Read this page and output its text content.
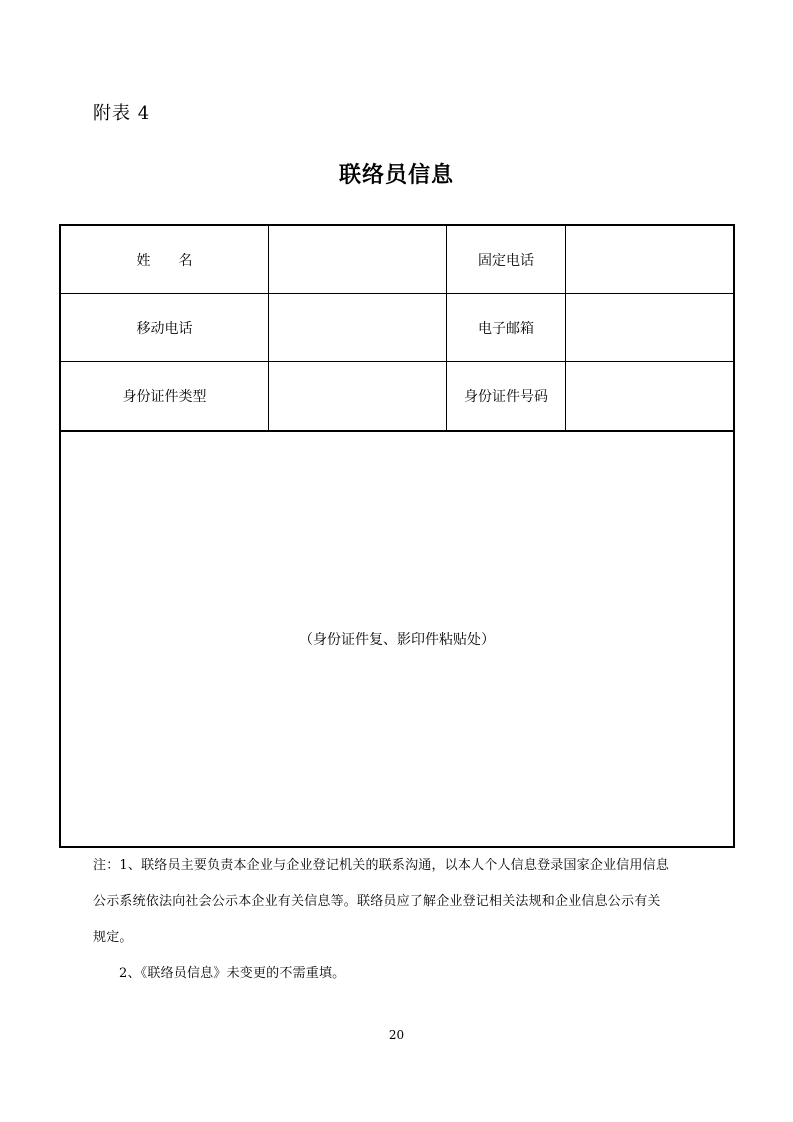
附表 4
联络员信息
姓 名	固定电话
移动电话	电子邮箱
身份证件类型	身份证件号码
（身份证件复、影印件粘贴处）
注：1、联络员主要负责本企业与企业登记机关的联系沟通，以本人个人信息登录国家企业信用信息
公示系统依法向社会公示本企业有关信息等。联络员应了解企业登记相关法规和企业信息公示有关
规定。
2、《联络员信息》未变更的不需重填。
20
